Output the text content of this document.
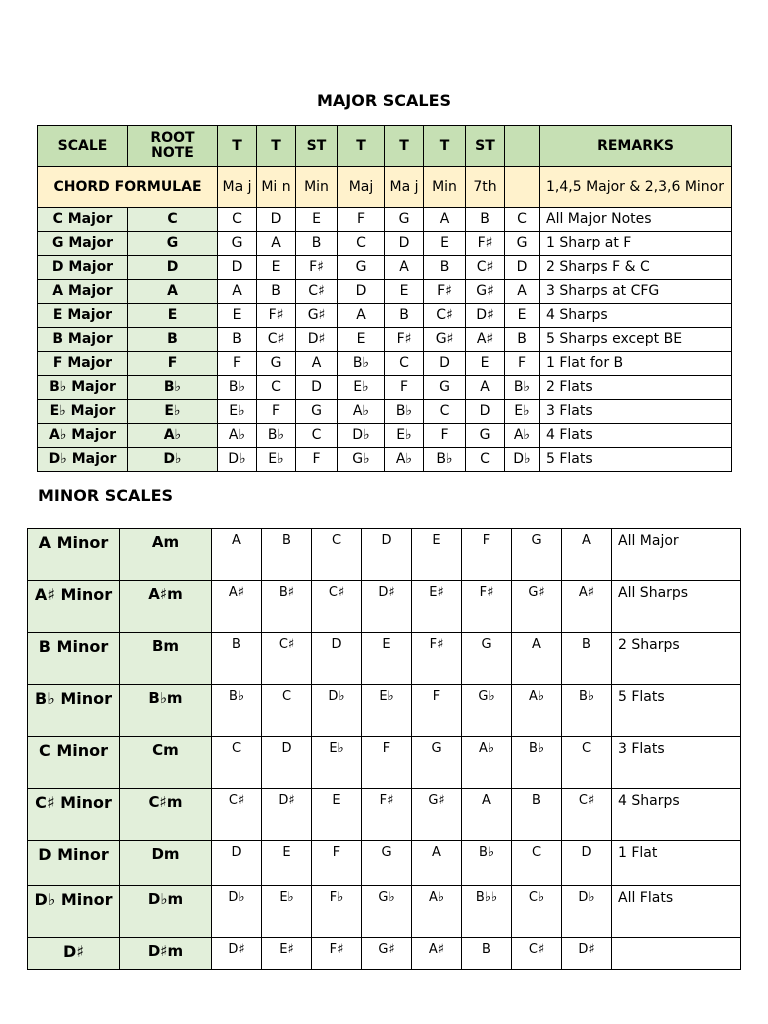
MAJOR SCALES
SCALE	ROOT NOTE	T	T	ST	T	T	T	ST		REMARKS
CHORD FORMULAE		Ma j	Mi n	Min	Maj	Ma j	Min	7th		1,4,5 Major & 2,3,6 Minor
C Major	C	C	D	E	F	G	A	B	C	All Major Notes
G Major	G	G	A	B	C	D	E	F♯	G	1 Sharp at F
D Major	D	D	E	F♯	G	A	B	C♯	D	2 Sharps F & C
A Major	A	A	B	C♯	D	E	F♯	G♯	A	3 Sharps at CFG
E Major	E	E	F♯	G♯	A	B	C♯	D♯	E	4 Sharps
B Major	B	B	C♯	D♯	E	F♯	G♯	A♯	B	5 Sharps except BE
F Major	F	F	G	A	B♭	C	D	E	F	1 Flat for B
B♭ Major	B♭	B♭	C	D	E♭	F	G	A	B♭	2 Flats
E♭ Major	E♭	E♭	F	G	A♭	B♭	C	D	E♭	3 Flats
A♭ Major	A♭	A♭	B♭	C	D♭	E♭	F	G	A♭	4 Flats
D♭ Major	D♭	D♭	E♭	F	G♭	A♭	B♭	C	D♭	5 Flats
MINOR SCALES
A Minor	Am	A	B	C	D	E	F	G	A	All Major
A♯ Minor	A♯m	A♯	B♯	C♯	D♯	E♯	F♯	G♯	A♯	All Sharps
B Minor	Bm	B	C♯	D	E	F♯	G	A	B	2 Sharps
B♭ Minor	B♭m	B♭	C	D♭	E♭	F	G♭	A♭	B♭	5 Flats
C Minor	Cm	C	D	E♭	F	G	A♭	B♭	C	3 Flats
C♯ Minor	C♯m	C♯	D♯	E	F♯	G♯	A	B	C♯	4 Sharps
D Minor	Dm	D	E	F	G	A	B♭	C	D	1 Flat
D♭ Minor	D♭m	D♭	E♭	F♭	G♭	A♭	B♭♭	C♭	D♭	All Flats
D♯	D♯m	D♯	E♯	F♯	G♯	A♯	B	C♯	D♯	
